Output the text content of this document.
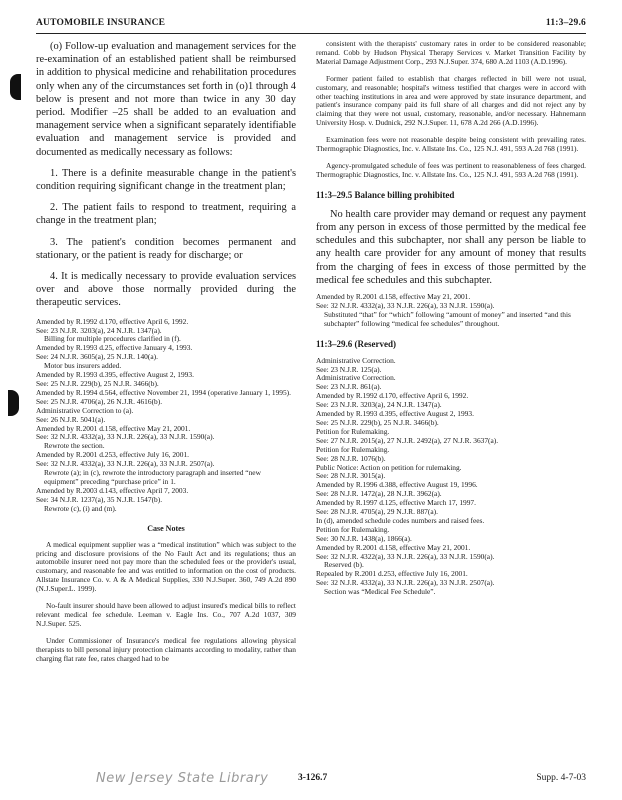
AUTOMOBILE INSURANCE	11:3–29.6

(o) Follow-up evaluation and management services for the re-examination of an established patient shall be reimbursed in addition to physical medicine and rehabilitation procedures only when any of the circumstances set forth in (o)1 through 4 below is present and not more than twice in any 30 day period. Modifier –25 shall be added to an evaluation and management service when a significant separately identifiable evaluation and management service is provided and documented as medically necessary as follows:

1. There is a definite measurable change in the patient's condition requiring significant change in the treatment plan;

2. The patient fails to respond to treatment, requiring a change in the treatment plan;

3. The patient's condition becomes permanent and stationary, or the patient is ready for discharge; or

4. It is medically necessary to provide evaluation services over and above those normally provided during the therapeutic services.

Amended by R.1992 d.170, effective April 6, 1992.

See: 23 N.J.R. 3203(a), 24 N.J.R. 1347(a).

Billing for multiple procedures clarified in (f).

Amended by R.1993 d.25, effective January 4, 1993.

See: 24 N.J.R. 3605(a), 25 N.J.R. 140(a).

Motor bus insurers added.

Amended by R.1993 d.395, effective August 2, 1993.

See: 25 N.J.R. 229(b), 25 N.J.R. 3466(b).

Amended by R.1994 d.564, effective November 21, 1994 (operative January 1, 1995).

See: 25 N.J.R. 4706(a), 26 N.J.R. 4616(b).

Administrative Correction to (a).

See: 26 N.J.R. 5041(a).

Amended by R.2001 d.158, effective May 21, 2001.

See: 32 N.J.R. 4332(a), 33 N.J.R. 226(a), 33 N.J.R. 1590(a).

Rewrote the section.

Amended by R.2001 d.253, effective July 16, 2001.

See: 32 N.J.R. 4332(a), 33 N.J.R. 226(a), 33 N.J.R. 2507(a).

Rewrote (a); in (c), rewrote the introductory paragraph and inserted “new equipment” preceding “purchase price” in 1.

Amended by R.2003 d.143, effective April 7, 2003.

See: 34 N.J.R. 1237(a), 35 N.J.R. 1547(b).

Rewrote (c), (i) and (m).

Case Notes

A medical equipment supplier was a “medical institution” which was subject to the pricing and disclosure provisions of the No Fault Act and its regulations; thus an automobile insurer need not pay more than the scheduled fees or the provider's usual, customary, and reasonable fee and was entitled to information on the cost of products. Allstate Insurance Co. v. A & A Medical Supplies, 330 N.J.Super. 360, 749 A.2d 890 (N.J.Super.L. 1999).

No-fault insurer should have been allowed to adjust insured's medical bills to reflect relevant medical fee schedule. Leeman v. Eagle Ins. Co., 707 A.2d 1037, 309 N.J.Super. 525.

Under Commissioner of Insurance's medical fee regulations allowing physical therapists to bill personal injury protection claimants according to modality, rather than charging flat rate fee, rates charged had to be

consistent with the therapists' customary rates in order to be considered reasonable; remand. Cobb by Hudson Physical Therapy Services v. Market Transition Facility by Material Damage Adjustment Corp., 293 N.J.Super. 374, 680 A.2d 1103 (A.D.1996).

Former patient failed to establish that charges reflected in bill were not usual, customary, and reasonable; hospital's witness testified that charges were in accord with other teaching institutions in area and were approved by state insurance department, and patient's insurance company paid its full share of all charges and did not reject any by claiming that they were not usual, customary, reasonable, and/or necessary. Hahnemann University Hosp. v. Dudnick, 292 N.J.Super. 11, 678 A.2d 266 (A.D.1996).

Examination fees were not reasonable despite being consistent with prevailing rates. Thermographic Diagnostics, Inc. v. Allstate Ins. Co., 125 N.J. 491, 593 A.2d 768 (1991).

Agency-promulgated schedule of fees was pertinent to reasonableness of fees charged. Thermographic Diagnostics, Inc. v. Allstate Ins. Co., 125 N.J. 491, 593 A.2d 768 (1991).

11:3–29.5 Balance billing prohibited

No health care provider may demand or request any payment from any person in excess of those permitted by the medical fee schedules and this subchapter, nor shall any person be liable to any health care provider for any amount of money that results from the charging of fees in excess of those permitted by the medical fee schedules and this subchapter.

Amended by R.2001 d.158, effective May 21, 2001.

See: 32 N.J.R. 4332(a), 33 N.J.R. 226(a), 33 N.J.R. 1590(a).

Substituted “that” for “which” following “amount of money” and inserted “and this subchapter” following “medical fee schedules” throughout.

11:3–29.6 (Reserved)

Administrative Correction.

See: 23 N.J.R. 125(a).

Administrative Correction.

See: 23 N.J.R. 861(a).

Amended by R.1992 d.170, effective April 6, 1992.

See: 23 N.J.R. 3203(a), 24 N.J.R. 1347(a).

Amended by R.1993 d.395, effective August 2, 1993.

See: 25 N.J.R. 229(b), 25 N.J.R. 3466(b).

Petition for Rulemaking.

See: 27 N.J.R. 2015(a), 27 N.J.R. 2492(a), 27 N.J.R. 3637(a).

Petition for Rulemaking.

See: 28 N.J.R. 1076(b).

Public Notice: Action on petition for rulemaking.

See: 28 N.J.R. 3015(a).

Amended by R.1996 d.388, effective August 19, 1996.

See: 28 N.J.R. 1472(a), 28 N.J.R. 3962(a).

Amended by R.1997 d.125, effective March 17, 1997.

See: 28 N.J.R. 4705(a), 29 N.J.R. 887(a).

In (d), amended schedule codes numbers and raised fees.

Petition for Rulemaking.

See: 30 N.J.R. 1438(a), 1866(a).

Amended by R.2001 d.158, effective May 21, 2001.

See: 32 N.J.R. 4322(a), 33 N.J.R. 226(a), 33 N.J.R. 1590(a).

Reserved (b).

Repealed by R.2001 d.253, effective July 16, 2001.

See: 32 N.J.R. 4332(a), 33 N.J.R. 226(a), 33 N.J.R. 2507(a).

Section was “Medical Fee Schedule”.

New Jersey State Library	3-126.7	Supp. 4-7-03
